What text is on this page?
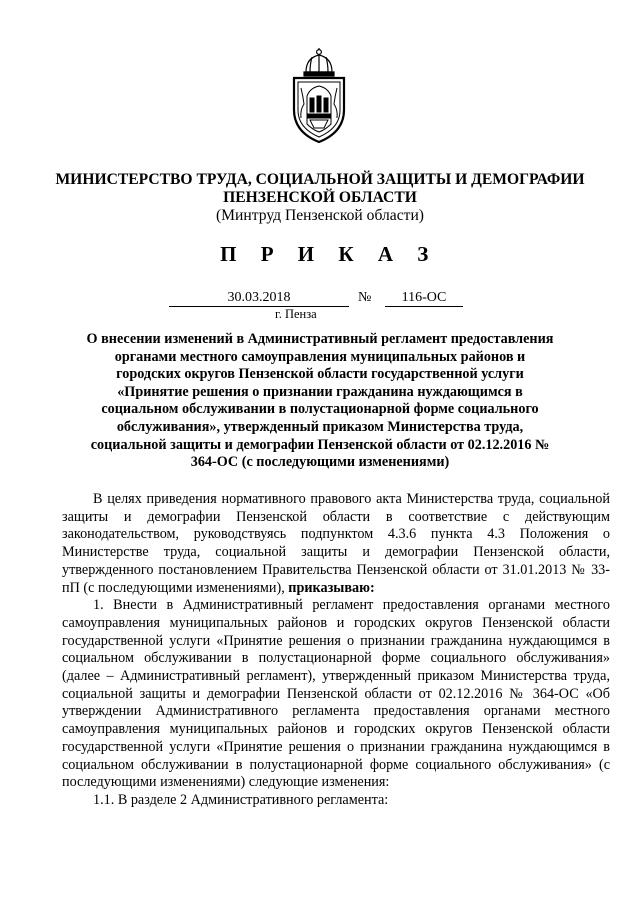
МИНИСТЕРСТВО ТРУДА, СОЦИАЛЬНОЙ ЗАЩИТЫ И ДЕМОГРАФИИ
ПЕНЗЕНСКОЙ ОБЛАСТИ
(Минтруд Пензенской области)
П Р И К А З
30.03.2018	№	116-ОС
г. Пенза
О внесении изменений в Административный регламент предоставления органами местного самоуправления муниципальных районов и городских округов Пензенской области государственной услуги «Принятие решения о признании гражданина нуждающимся в социальном обслуживании в полустационарной форме социального обслуживания», утвержденный приказом Министерства труда, социальной защиты и демографии Пензенской области от 02.12.2016 № 364-ОС (с последующими изменениями)

В целях приведения нормативного правового акта Министерства труда, социальной защиты и демографии Пензенской области в соответствие с действующим законодательством, руководствуясь подпунктом 4.3.6 пункта 4.3 Положения о Министерстве труда, социальной защиты и демографии Пензенской области, утвержденного постановлением Правительства Пензенской области от 31.01.2013 № 33-пП (с последующими изменениями), приказываю:

1. Внести в Административный регламент предоставления органами местного самоуправления муниципальных районов и городских округов Пензенской области государственной услуги «Принятие решения о признании гражданина нуждающимся в социальном обслуживании в полустационарной форме социального обслуживания» (далее – Административный регламент), утвержденный приказом Министерства труда, социальной защиты и демографии Пензенской области от 02.12.2016 № 364-ОС «Об утверждении Административного регламента предоставления органами местного самоуправления муниципальных районов и городских округов Пензенской области государственной услуги «Принятие решения о признании гражданина нуждающимся в социальном обслуживании в полустационарной форме социального обслуживания» (с последующими изменениями) следующие изменения:

1.1. В разделе 2 Административного регламента:
